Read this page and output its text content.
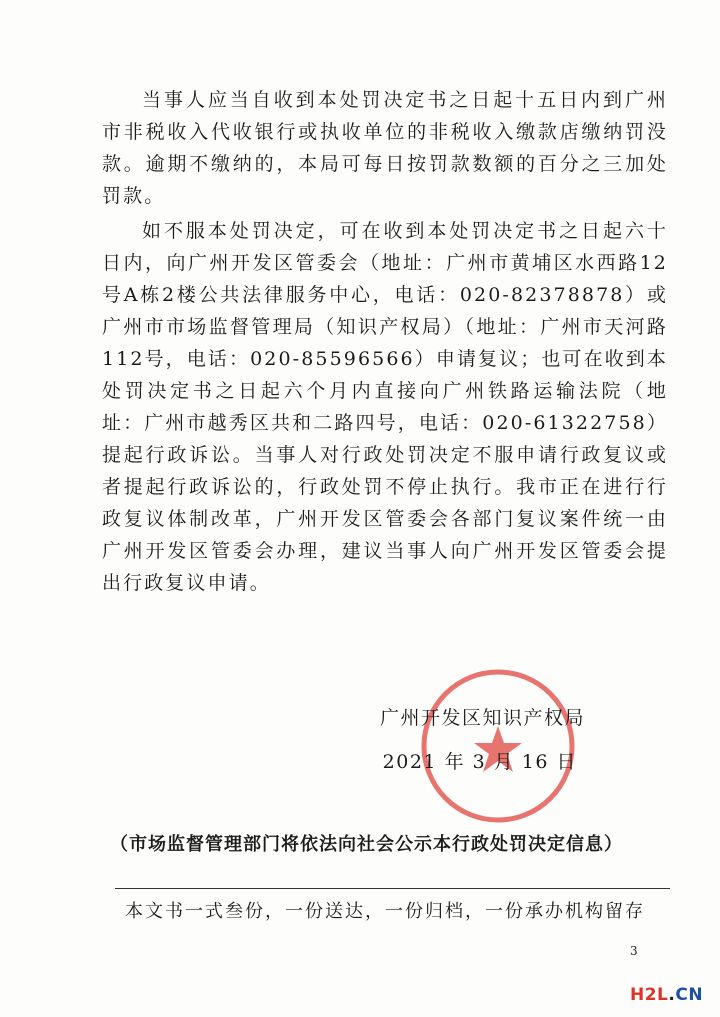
当事人应当自收到本处罚决定书之日起十五日内到广州市非税收入代收银行或执收单位的非税收入缴款店缴纳罚没款。逾期不缴纳的，本局可每日按罚款数额的百分之三加处罚款。

如不服本处罚决定，可在收到本处罚决定书之日起六十日内，向广州开发区管委会（地址：广州市黄埔区水西路12号A栋2楼公共法律服务中心，电话：020-82378878）或广州市市场监督管理局（知识产权局）（地址：广州市天河路112号，电话：020-85596566）申请复议；也可在收到本处罚决定书之日起六个月内直接向广州铁路运输法院（地址：广州市越秀区共和二路四号，电话：020-61322758）提起行政诉讼。当事人对行政处罚决定不服申请行政复议或者提起行政诉讼的，行政处罚不停止执行。我市正在进行行政复议体制改革，广州开发区管委会各部门复议案件统一由广州开发区管委会办理，建议当事人向广州开发区管委会提出行政复议申请。

广州开发区知识产权局
2021 年 3 月 16 日
（市场监督管理部门将依法向社会公示本行政处罚决定信息）
本文书一式叁份，一份送达，一份归档，一份承办机构留存
3
H2L.CN
